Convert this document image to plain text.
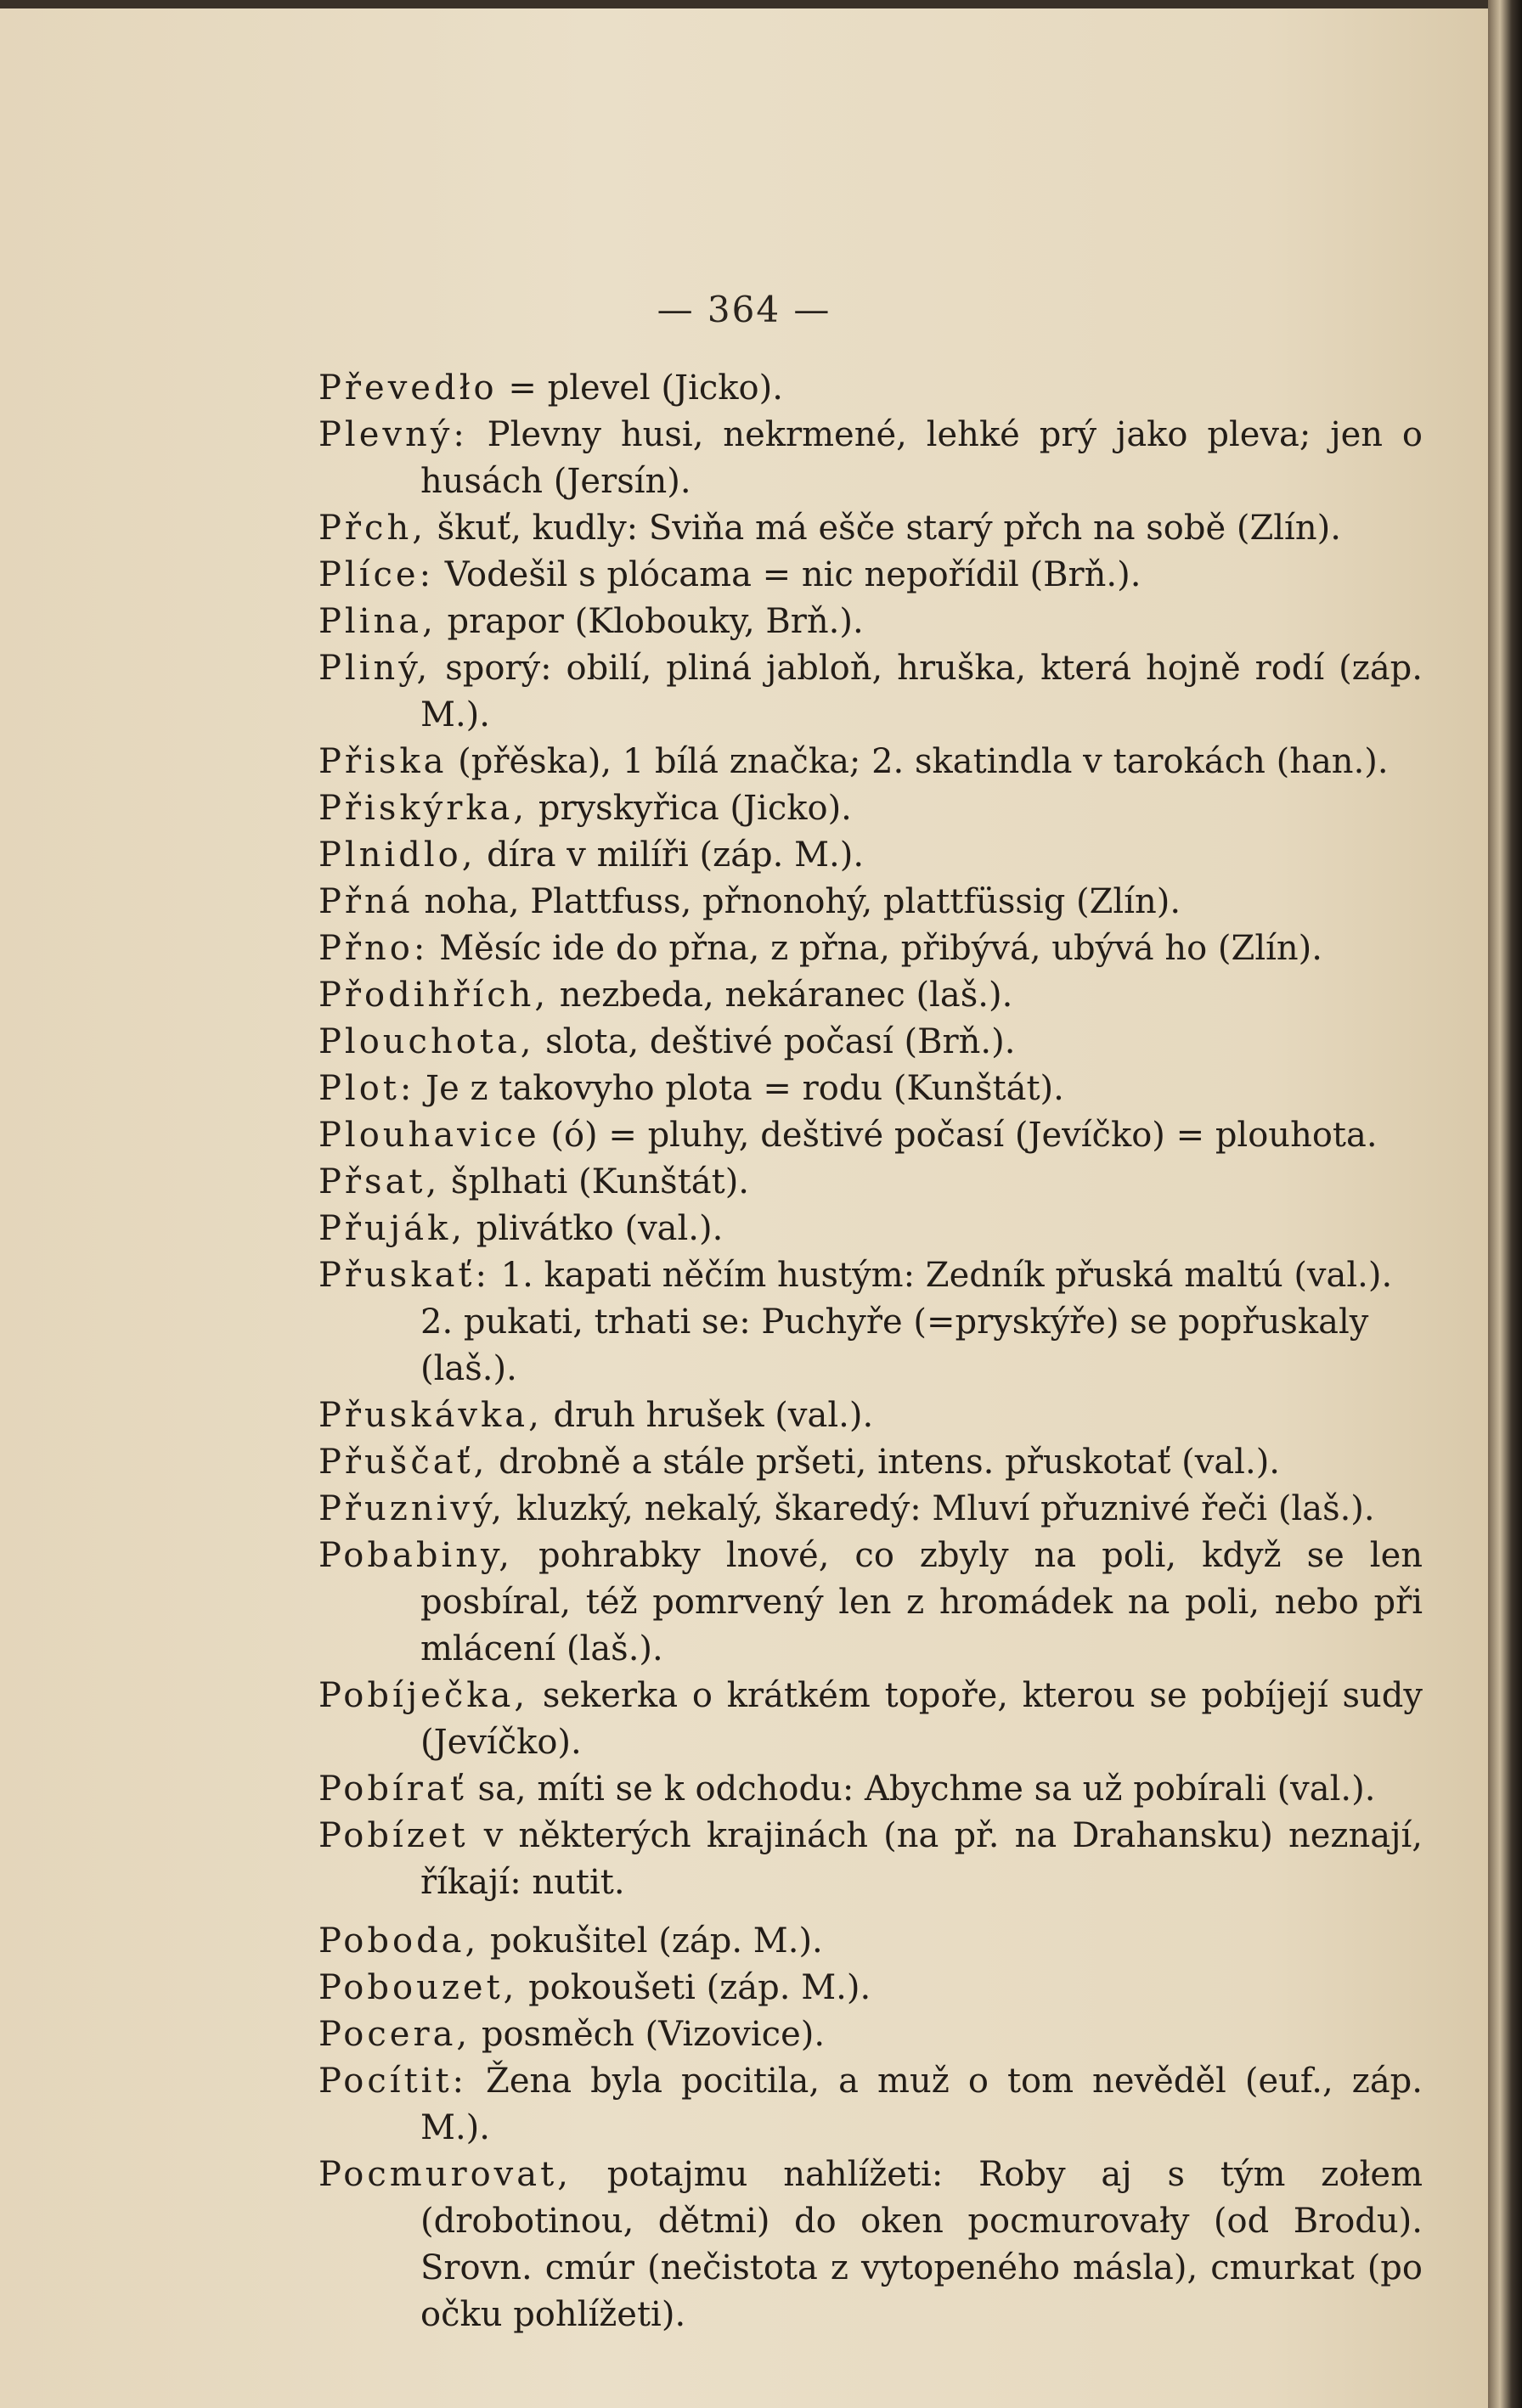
— 364 —

Převedło = plevel (Jicko).

Plevný: Plevny husi, nekrmené, lehké prý jako pleva; jen o husách (Jersín).

Přch, škuť, kudly: Sviňa má ešče starý přch na sobě (Zlín).

Plíce: Vodešil s plócama = nic nepořídil (Brň.).

Plina, prapor (Klobouky, Brň.).

Pliný, sporý: obilí, pliná jabloň, hruška, která hojně rodí (záp. M.).

Přiska (přěska), 1 bílá značka; 2. skatindla v tarokách (han.).

Přiskýrka, pryskyřica (Jicko).

Plnidlo, díra v milíři (záp. M.).

Přná noha, Plattfuss, přnonohý, plattfüssig (Zlín).

Přno: Měsíc ide do přna, z přna, přibývá, ubývá ho (Zlín).

Přodihřích, nezbeda, nekáranec (laš.).

Plouchota, slota, deštivé počasí (Brň.).

Plot: Je z takovyho plota = rodu (Kunštát).

Plouhavice (ó) = pluhy, deštivé počasí (Jevíčko) = plouhota.

Přsat, šplhati (Kunštát).

Přuják, plivátko (val.).

Přuskať: 1. kapati něčím hustým: Zedník přuská maltú (val.).

2. pukati, trhati se: Puchyře (=pryskýře) se popřuskaly (laš.).

Přuskávka, druh hrušek (val.).

Přuščať, drobně a stále pršeti, intens. přuskotať (val.).

Přuznivý, kluzký, nekalý, škaredý: Mluví přuznivé řeči (laš.).

Pobabiny, pohrabky lnové, co zbyly na poli, když se len posbíral, též pomrvený len z hromádek na poli, nebo při mlácení (laš.).

Pobíječka, sekerka o krátkém topoře, kterou se pobíjejí sudy (Jevíčko).

Pobírať sa, míti se k odchodu: Abychme sa už pobírali (val.).

Pobízet v některých krajinách (na př. na Drahansku) neznají, říkají: nutit.

Poboda, pokušitel (záp. M.).

Pobouzet, pokoušeti (záp. M.).

Pocera, posměch (Vizovice).

Pocítit: Žena byla pocitila, a muž o tom nevěděl (euf., záp. M.).

Pocmurovat, potajmu nahlížeti: Roby aj s tým zołem (drobotinou, dětmi) do oken pocmurovały (od Brodu). Srovn. cmúr (nečistota z vytopeného másla), cmurkat (po očku pohlížeti).
